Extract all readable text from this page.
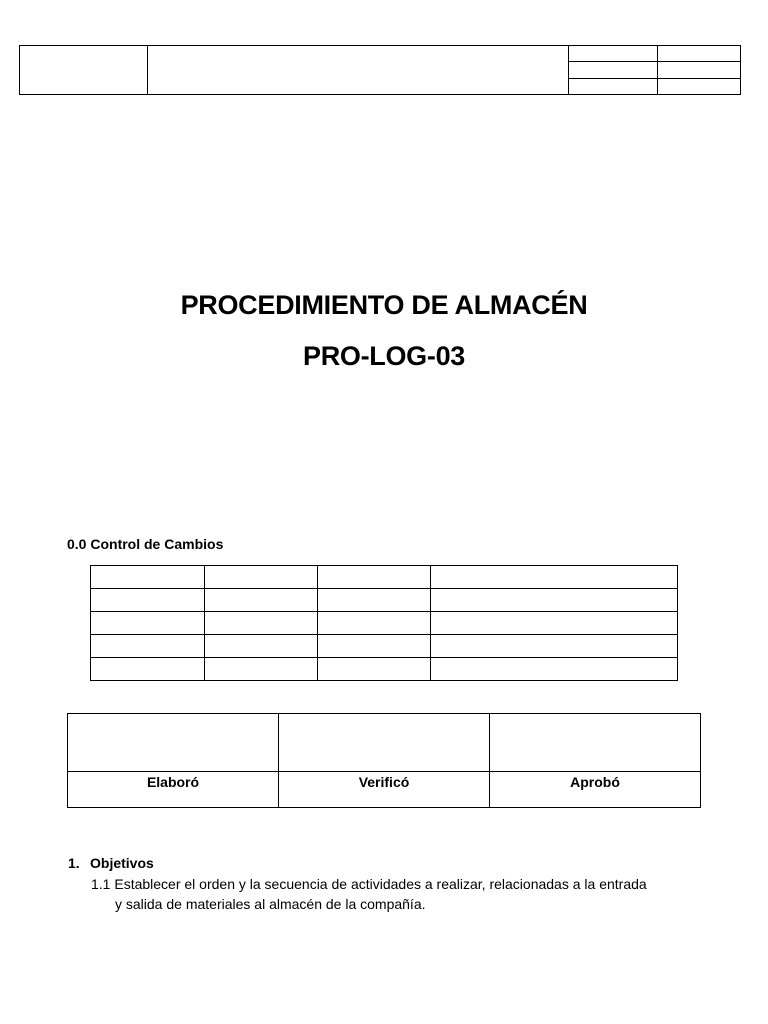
PROCEDIMIENTO DE ALMACÉN
PRO-LOG-03
0.0 Control de Cambios

Elaboró	Verificó	Aprobó
1. Objetivos
1.1 Establecer el orden y la secuencia de actividades a realizar, relacionadas a la entrada
y salida de materiales al almacén de la compañía.
